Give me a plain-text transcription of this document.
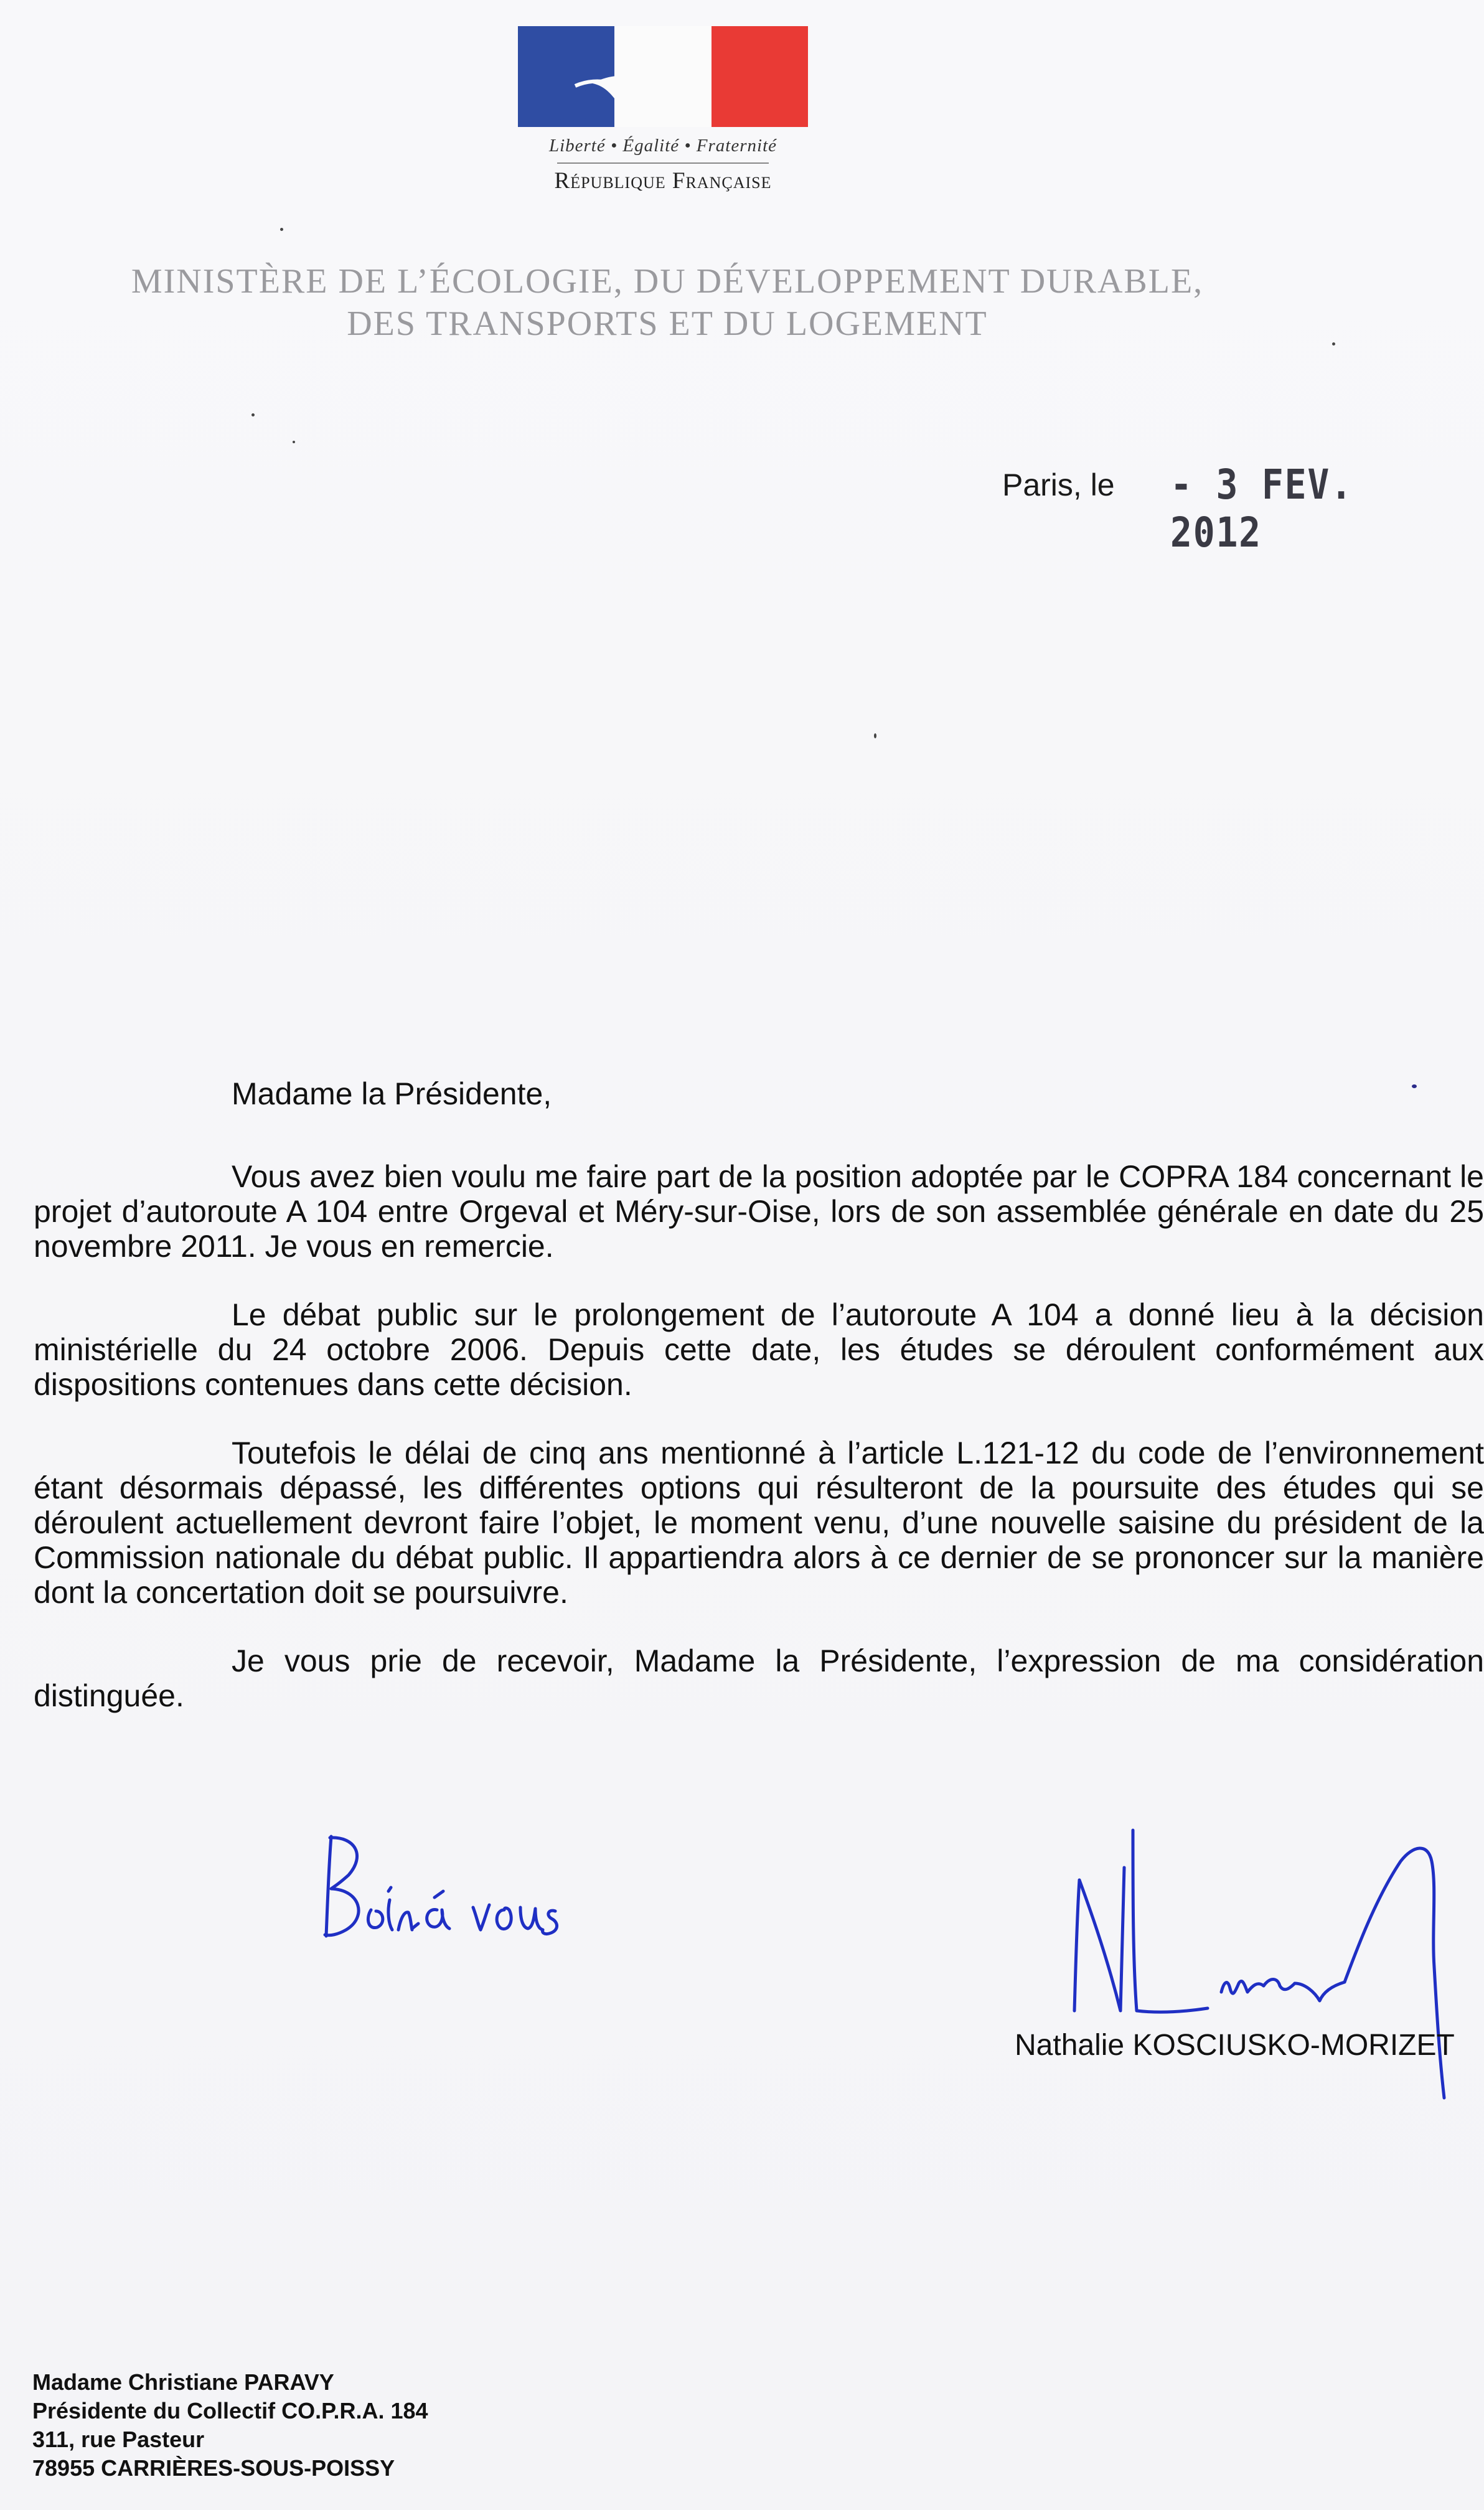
Liberté • Égalité • Fraternité
République Française
MINISTÈRE DE L’ÉCOLOGIE, DU DÉVELOPPEMENT DURABLE,
DES TRANSPORTS ET DU LOGEMENT
Paris, le - 3 FEV. 2012
Madame la Présidente,

Vous avez bien voulu me faire part de la position adoptée par le COPRA 184 concernant le projet d’autoroute A 104 entre Orgeval et Méry-sur-Oise, lors de son assemblée générale en date du 25 novembre 2011. Je vous en remercie.

Le débat public sur le prolongement de l’autoroute A 104 a donné lieu à la décision ministérielle du 24 octobre 2006. Depuis cette date, les études se déroulent conformément aux dispositions contenues dans cette décision.

Toutefois le délai de cinq ans mentionné à l’article L.121-12 du code de l’environnement étant désormais dépassé, les différentes options qui résulteront de la poursuite des études qui se déroulent actuellement devront faire l’objet, le moment venu, d’une nouvelle saisine du président de la Commission nationale du débat public. Il appartiendra alors à ce dernier de se prononcer sur la manière dont la concertation doit se poursuivre.

Je vous prie de recevoir, Madame la Présidente, l’expression de ma considération distinguée.

Nathalie KOSCIUSKO-MORIZET
Madame Christiane PARAVY
Présidente du Collectif CO.P.R.A. 184
311, rue Pasteur
78955 CARRIÈRES-SOUS-POISSY
